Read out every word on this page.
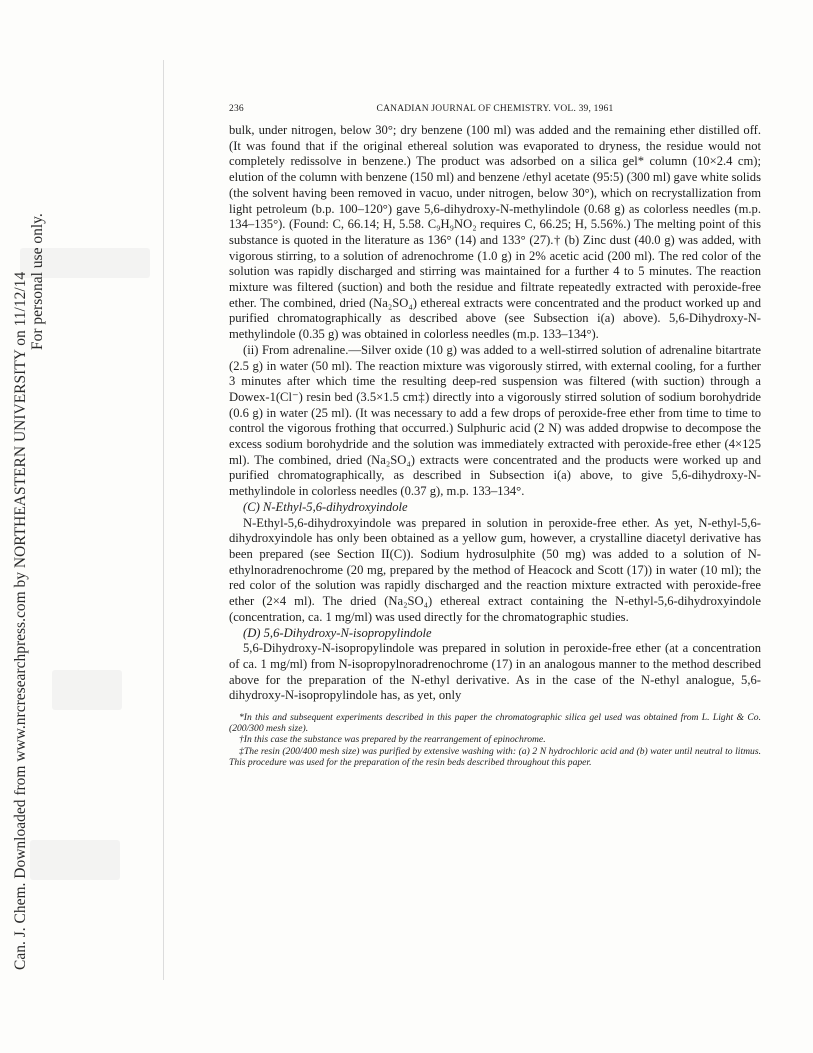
Can. J. Chem. Downloaded from www.nrcresearchpress.com by NORTHEASTERN UNIVERSITY on 11/12/14 For personal use only.
236	CANADIAN JOURNAL OF CHEMISTRY. VOL. 39, 1961

bulk, under nitrogen, below 30°; dry benzene (100 ml) was added and the remaining ether distilled off. (It was found that if the original ethereal solution was evaporated to dryness, the residue would not completely redissolve in benzene.) The product was adsorbed on a silica gel* column (10×2.4 cm); elution of the column with benzene (150 ml) and benzene /ethyl acetate (95:5) (300 ml) gave white solids (the solvent having been removed in vacuo, under nitrogen, below 30°), which on recrystallization from light petroleum (b.p. 100–120°) gave 5,6-dihydroxy-N-methylindole (0.68 g) as colorless needles (m.p. 134–135°). (Found: C, 66.14; H, 5.58. C₉H₉NO₂ requires C, 66.25; H, 5.56%.) The melting point of this substance is quoted in the literature as 136° (14) and 133° (27).† (b) Zinc dust (40.0 g) was added, with vigorous stirring, to a solution of adrenochrome (1.0 g) in 2% acetic acid (200 ml). The red color of the solution was rapidly discharged and stirring was maintained for a further 4 to 5 minutes. The reaction mixture was filtered (suction) and both the residue and filtrate repeatedly extracted with peroxide-free ether. The combined, dried (Na₂SO₄) ethereal extracts were concentrated and the product worked up and purified chromatographically as described above (see Subsection i(a) above). 5,6-Dihydroxy-N-methylindole (0.35 g) was obtained in colorless needles (m.p. 133–134°).

(ii) From adrenaline.—Silver oxide (10 g) was added to a well-stirred solution of adrenaline bitartrate (2.5 g) in water (50 ml). The reaction mixture was vigorously stirred, with external cooling, for a further 3 minutes after which time the resulting deep-red suspension was filtered (with suction) through a Dowex-1(Cl⁻) resin bed (3.5×1.5 cm‡) directly into a vigorously stirred solution of sodium borohydride (0.6 g) in water (25 ml). (It was necessary to add a few drops of peroxide-free ether from time to time to control the vigorous frothing that occurred.) Sulphuric acid (2 N) was added dropwise to decompose the excess sodium borohydride and the solution was immediately extracted with peroxide-free ether (4×125 ml). The combined, dried (Na₂SO₄) extracts were concentrated and the products were worked up and purified chromatographically, as described in Subsection i(a) above, to give 5,6-dihydroxy-N-methylindole in colorless needles (0.37 g), m.p. 133–134°.

(C) N-Ethyl-5,6-dihydroxyindole

N-Ethyl-5,6-dihydroxyindole was prepared in solution in peroxide-free ether. As yet, N-ethyl-5,6-dihydroxyindole has only been obtained as a yellow gum, however, a crystalline diacetyl derivative has been prepared (see Section II(C)). Sodium hydrosulphite (50 mg) was added to a solution of N-ethylnoradrenochrome (20 mg, prepared by the method of Heacock and Scott (17)) in water (10 ml); the red color of the solution was rapidly discharged and the reaction mixture extracted with peroxide-free ether (2×4 ml). The dried (Na₂SO₄) ethereal extract containing the N-ethyl-5,6-dihydroxyindole (concentration, ca. 1 mg/ml) was used directly for the chromatographic studies.

(D) 5,6-Dihydroxy-N-isopropylindole

5,6-Dihydroxy-N-isopropylindole was prepared in solution in peroxide-free ether (at a concentration of ca. 1 mg/ml) from N-isopropylnoradrenochrome (17) in an analogous manner to the method described above for the preparation of the N-ethyl derivative. As in the case of the N-ethyl analogue, 5,6-dihydroxy-N-isopropylindole has, as yet, only

*In this and subsequent experiments described in this paper the chromatographic silica gel used was obtained from L. Light & Co. (200/300 mesh size).

†In this case the substance was prepared by the rearrangement of epinochrome.

‡The resin (200/400 mesh size) was purified by extensive washing with: (a) 2 N hydrochloric acid and (b) water until neutral to litmus. This procedure was used for the preparation of the resin beds described throughout this paper.
